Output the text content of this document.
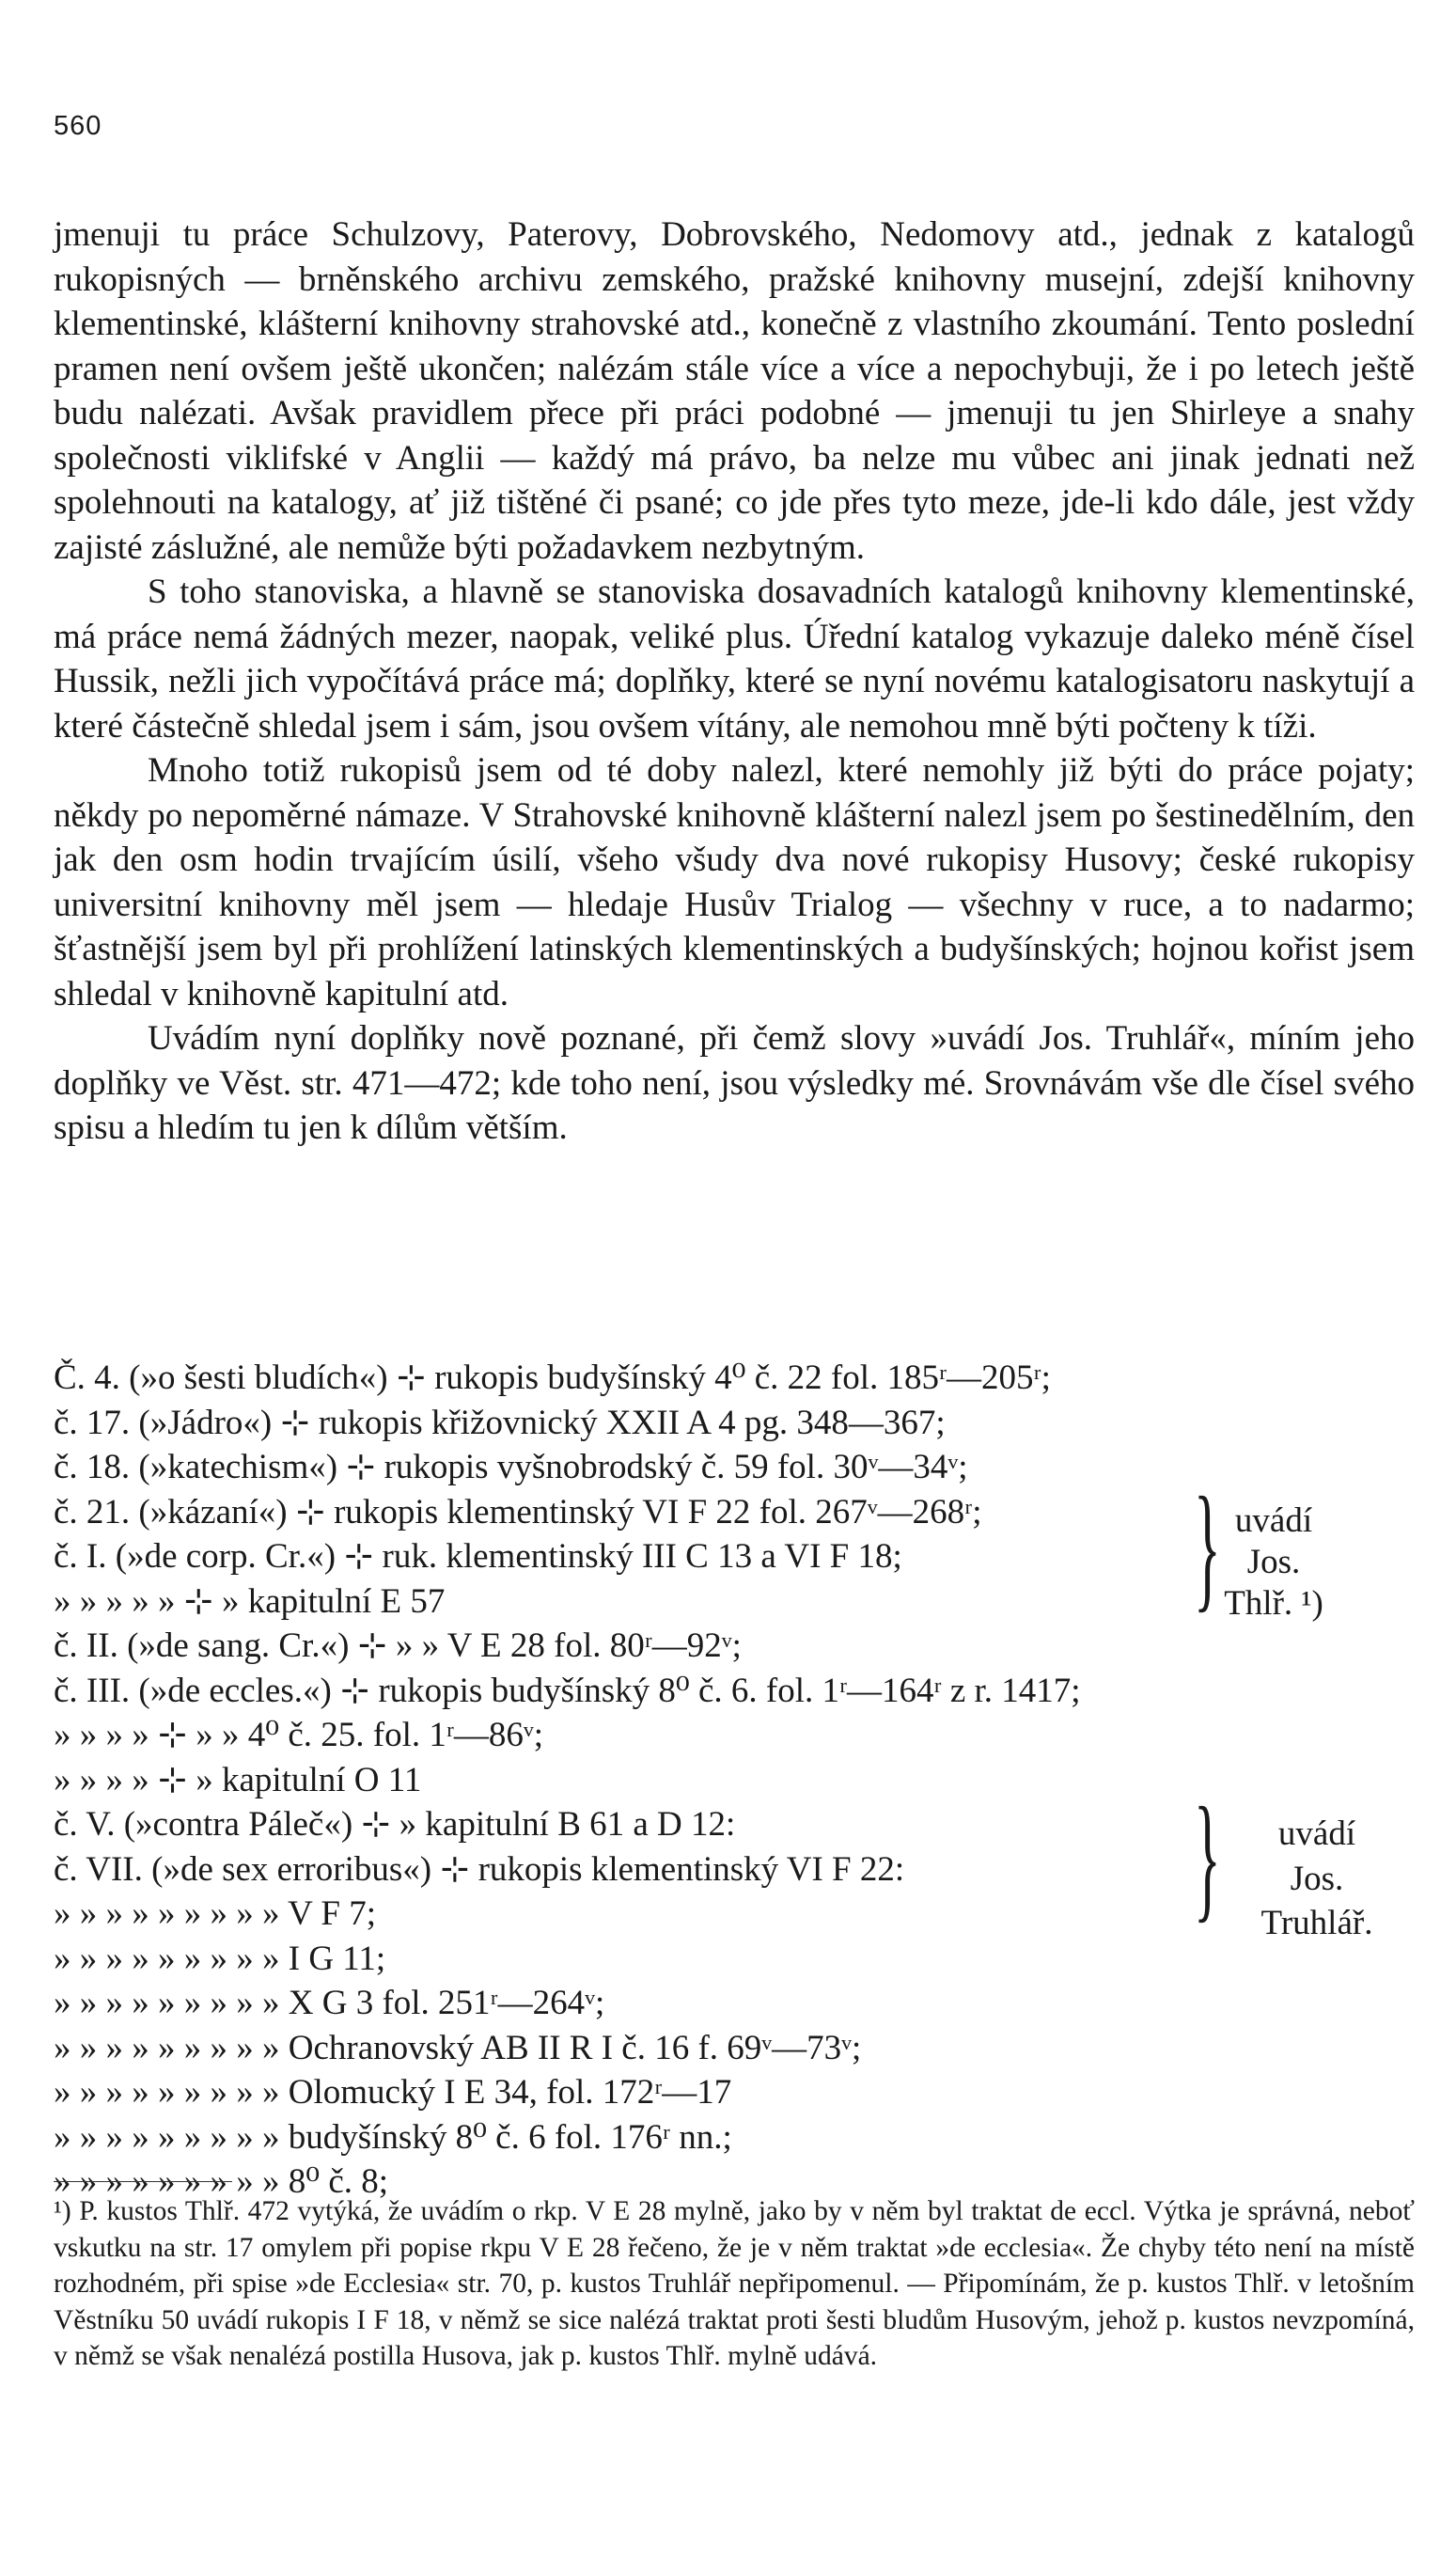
560

jmenuji tu práce Schulzovy, Paterovy, Dobrovského, Nedomovy atd., jednak z katalogů rukopisných — brněnského archivu zemského, pražské knihovny musejní, zdejší knihovny klementinské, klášterní knihovny strahovské atd., konečně z vlastního zkoumání. Tento poslední pramen není ovšem ještě ukončen; nalézám stále více a více a nepochybuji, že i po letech ještě budu nalézati. Avšak pravidlem přece při práci podobné — jmenuji tu jen Shirleye a snahy společnosti viklifské v Anglii — každý má právo, ba nelze mu vůbec ani jinak jednati než spolehnouti na katalogy, ať již tištěné či psané; co jde přes tyto meze, jde-li kdo dále, jest vždy zajisté záslužné, ale nemůže býti požadavkem nezbytným.

S toho stanoviska, a hlavně se stanoviska dosavadních katalogů knihovny klementinské, má práce nemá žádných mezer, naopak, veliké plus. Úřední katalog vykazuje daleko méně čísel Hussik, nežli jich vypočítává práce má; doplňky, které se nyní novému katalogisatoru naskytují a které částečně shledal jsem i sám, jsou ovšem vítány, ale nemohou mně býti počteny k tíži.

Mnoho totiž rukopisů jsem od té doby nalezl, které nemohly již býti do práce pojaty; někdy po nepoměrné námaze. V Strahovské knihovně klášterní nalezl jsem po šestinedělním, den jak den osm hodin trvajícím úsilí, všeho všudy dva nové rukopisy Husovy; české rukopisy universitní knihovny měl jsem — hledaje Husův Trialog — všechny v ruce, a to nadarmo; šťastnější jsem byl při prohlížení latinských klementinských a budyšínských; hojnou kořist jsem shledal v knihovně kapitulní atd.

Uvádím nyní doplňky nově poznané, při čemž slovy »uvádí Jos. Truhlář«, míním jeho doplňky ve Věst. str. 471—472; kde toho není, jsou výsledky mé. Srovnávám vše dle čísel svého spisu a hledím tu jen k dílům větším.

Č. 4. (»o šesti bludích«) ⊹ rukopis budyšínský 4⁰ č. 22 fol. 185ʳ—205ʳ;
č. 17. (»Jádro«) ⊹ rukopis křižovnický XXII A 4 pg. 348—367;
č. 18. (»katechism«) ⊹ rukopis vyšnobrodský č. 59 fol. 30ᵛ—34ᵛ;
č. 21. (»kázaní«) ⊹ rukopis klementinský VI F 22 fol. 267ᵛ—268ʳ;
č. I. (»de corp. Cr.«) ⊹ ruk. klementinský III C 13 a VI F 18;
» » » » » ⊹ » kapitulní E 57
č. II. (»de sang. Cr.«) ⊹ » » V E 28 fol. 80ʳ—92ᵛ;
č. III. (»de eccles.«) ⊹ rukopis budyšínský 8⁰ č. 6. fol. 1ʳ—164ʳ z r. 1417;
» » » » ⊹ » » 4⁰ č. 25. fol. 1ʳ—86ᵛ;
» » » » ⊹ » kapitulní O 11
č. V. (»contra Páleč«) ⊹ » kapitulní B 61 a D 12:
č. VII. (»de sex erroribus«) ⊹ rukopis klementinský VI F 22:
» » » » » » » » » V F 7;
» » » » » » » » » I G 11;
» » » » » » » » » X G 3 fol. 251ʳ—264ᵛ;
» » » » » » » » » Ochranovský AB II R I č. 16 f. 69ᵛ—73ᵛ;
» » » » » » » » » Olomucký I E 34, fol. 172ʳ—17
» » » » » » » » » budyšínský 8⁰ č. 6 fol. 176ʳ nn.;
» » » » » » » » » 8⁰ č. 8;
} uvádí
Jos.
Thlř. ¹)
}	uvádí
Jos.
Truhlář.
¹) P. kustos Thlř. 472 vytýká, že uvádím o rkp. V E 28 mylně, jako by v něm byl traktat de eccl. Výtka je správná, neboť vskutku na str. 17 omylem při popise rkpu V E 28 řečeno, že je v něm traktat »de ecclesia«. Že chyby této není na místě rozhodném, při spise »de Ecclesia« str. 70, p. kustos Truhlář nepřipomenul. — Připomínám, že p. kustos Thlř. v letošním Věstníku 50 uvádí rukopis I F 18, v němž se sice nalézá traktat proti šesti bludům Husovým, jehož p. kustos nevzpomíná, v němž se však nenalézá postilla Husova, jak p. kustos Thlř. mylně udává.
